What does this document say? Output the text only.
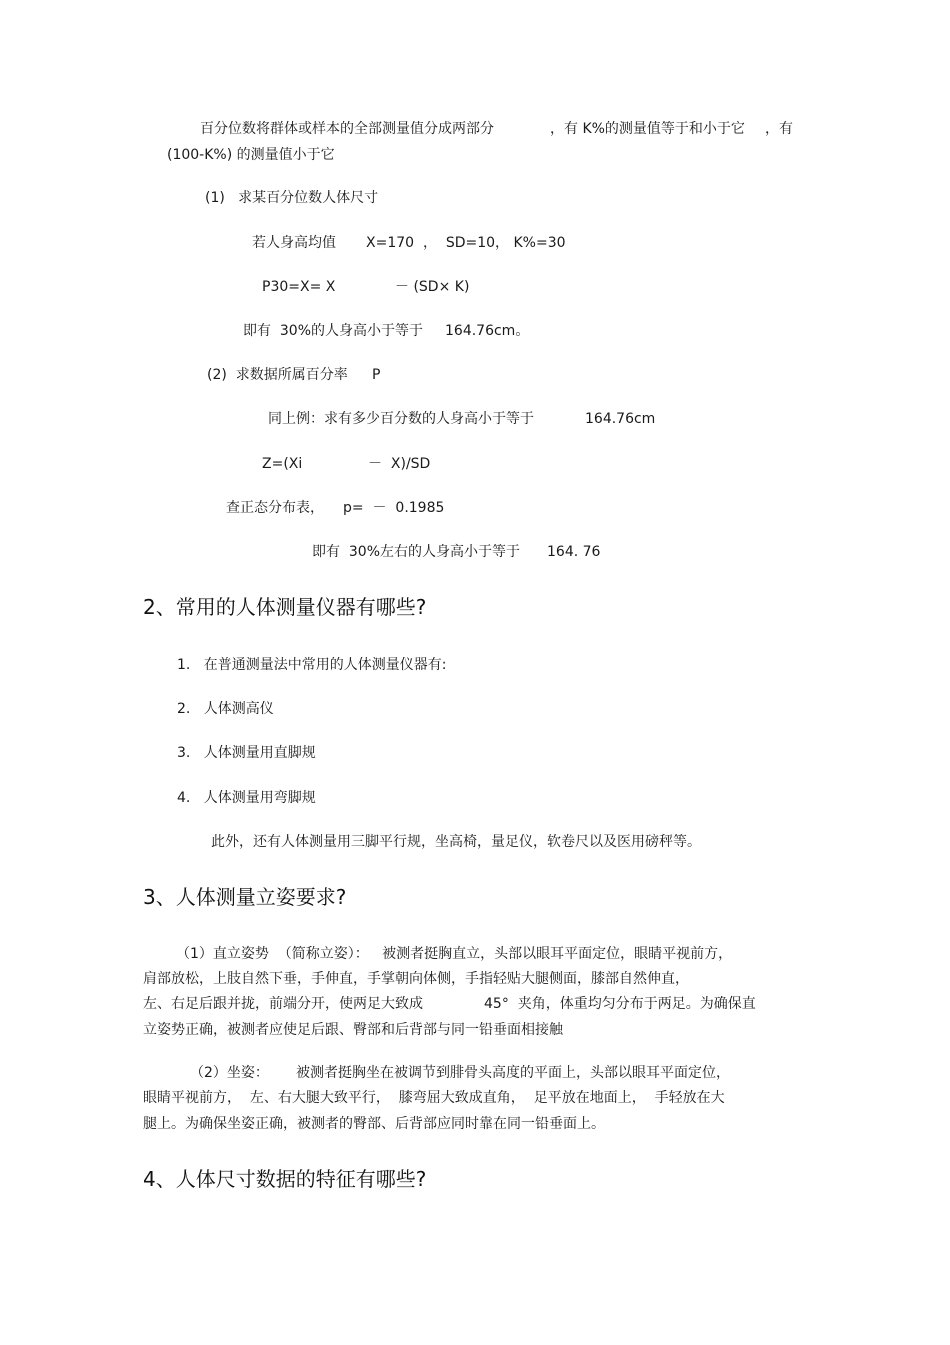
百分位数将群体或样本的全部测量值分成两部分	，有 K%的测量值等于和小于它 ，有
(100-K%) 的测量值小于它
(1)   求某百分位数人体尺寸
若人身高均值 X=170  ，  SD=10， K%=30
P30=X= X	－ (SD× K)
即有  30%的人身高小于等于 164.76cm。
(2)  求数据所属百分率 P
同上例：求有多少百分数的人身高小于等于	164.76cm
Z=(Xi	－  X)/SD
查正态分布表， p=  －  0.1985
即有  30%左右的人身高小于等于 164. 76
2、常用的人体测量仪器有哪些?
1.   在普通测量法中常用的人体测量仪器有:
2.   人体测高仪
3.   人体测量用直脚规
4.   人体测量用弯脚规
此外，还有人体测量用三脚平行规，坐高椅，量足仪，软卷尺以及医用磅秤等。
3、人体测量立姿要求?
（1）直立姿势  （简称立姿）：   被测者挺胸直立，头部以眼耳平面定位，眼睛平视前方，
肩部放松，上肢自然下垂，手伸直，手掌朝向体侧，手指轻贴大腿侧面，膝部自然伸直，
左、右足后跟并拢，前端分开，使两足大致成	45°  夹角，体重均匀分布于两足。为确保直
立姿势正确，被测者应使足后跟、臀部和后背部与同一铅垂面相接触
（2）坐姿： 被测者挺胸坐在被调节到腓骨头高度的平面上，头部以眼耳平面定位，
眼睛平视前方，  左、右大腿大致平行，  膝弯屈大致成直角，  足平放在地面上，  手轻放在大
腿上。为确保坐姿正确，被测者的臀部、后背部应同时靠在同一铅垂面上。
4、人体尺寸数据的特征有哪些?
